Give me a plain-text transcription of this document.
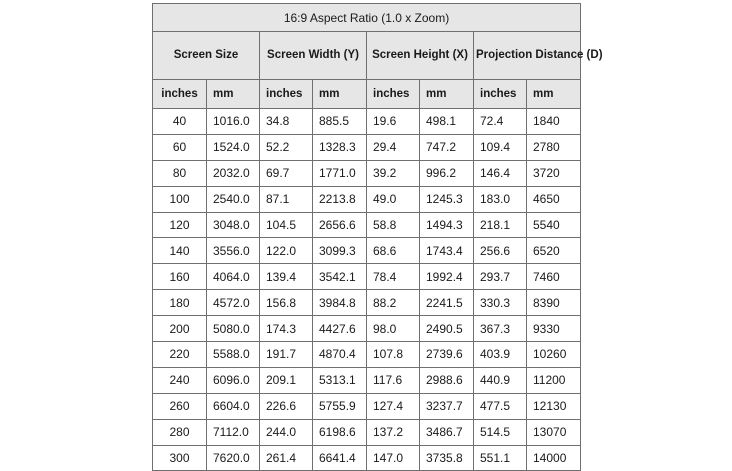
16:9 Aspect Ratio (1.0 x Zoom)							
Screen Size		Screen Width (Y)		Screen Height (X)		Projection Distance (D)	
inches	mm	inches	mm	inches	mm	inches	mm
40	1016.0	34.8	885.5	19.6	498.1	72.4	1840
60	1524.0	52.2	1328.3	29.4	747.2	109.4	2780
80	2032.0	69.7	1771.0	39.2	996.2	146.4	3720
100	2540.0	87.1	2213.8	49.0	1245.3	183.0	4650
120	3048.0	104.5	2656.6	58.8	1494.3	218.1	5540
140	3556.0	122.0	3099.3	68.6	1743.4	256.6	6520
160	4064.0	139.4	3542.1	78.4	1992.4	293.7	7460
180	4572.0	156.8	3984.8	88.2	2241.5	330.3	8390
200	5080.0	174.3	4427.6	98.0	2490.5	367.3	9330
220	5588.0	191.7	4870.4	107.8	2739.6	403.9	10260
240	6096.0	209.1	5313.1	117.6	2988.6	440.9	11200
260	6604.0	226.6	5755.9	127.4	3237.7	477.5	12130
280	7112.0	244.0	6198.6	137.2	3486.7	514.5	13070
300	7620.0	261.4	6641.4	147.0	3735.8	551.1	14000
